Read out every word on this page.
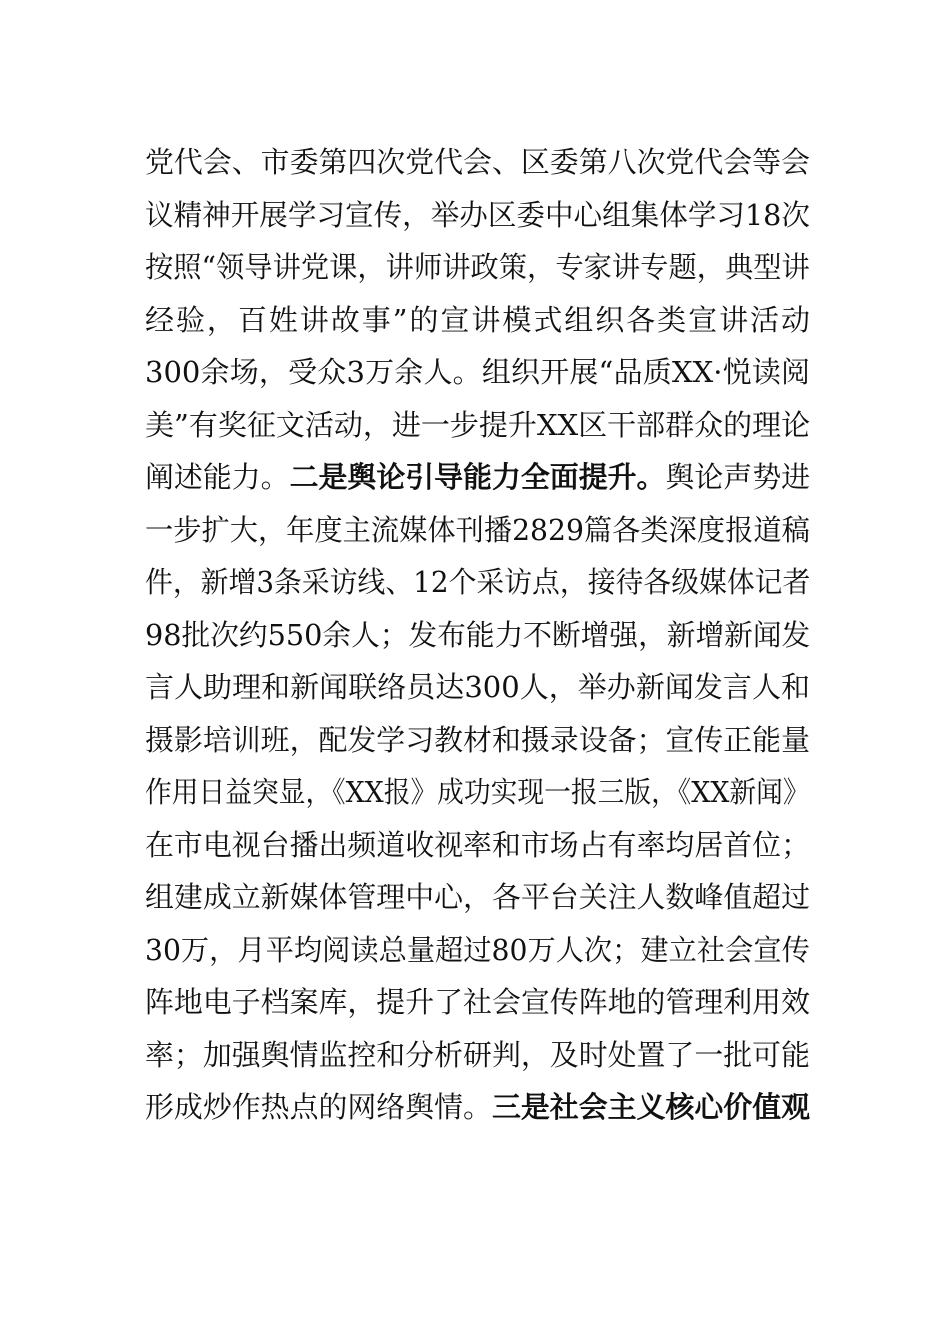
党代会、市委第四次党代会、区委第八次党代会等会
议精神开展学习宣传，举办区委中心组集体学习18次
按照“领导讲党课，讲师讲政策，专家讲专题，典型讲
经验，百姓讲故事”的宣讲模式组织各类宣讲活动
300余场，受众3万余人。组织开展“品质XX·悦读阅
美”有奖征文活动，进一步提升XX区干部群众的理论
阐述能力。二是舆论引导能力全面提升。舆论声势进
一步扩大，年度主流媒体刊播2829篇各类深度报道稿
件，新增3条采访线、12个采访点，接待各级媒体记者
98批次约550余人；发布能力不断增强，新增新闻发
言人助理和新闻联络员达300人，举办新闻发言人和
摄影培训班，配发学习教材和摄录设备；宣传正能量
作用日益突显，《XX报》成功实现一报三版，《XX新闻》
在市电视台播出频道收视率和市场占有率均居首位；
组建成立新媒体管理中心，各平台关注人数峰值超过
30万，月平均阅读总量超过80万人次；建立社会宣传
阵地电子档案库，提升了社会宣传阵地的管理利用效
率；加强舆情监控和分析研判，及时处置了一批可能
形成炒作热点的网络舆情。三是社会主义核心价值观
